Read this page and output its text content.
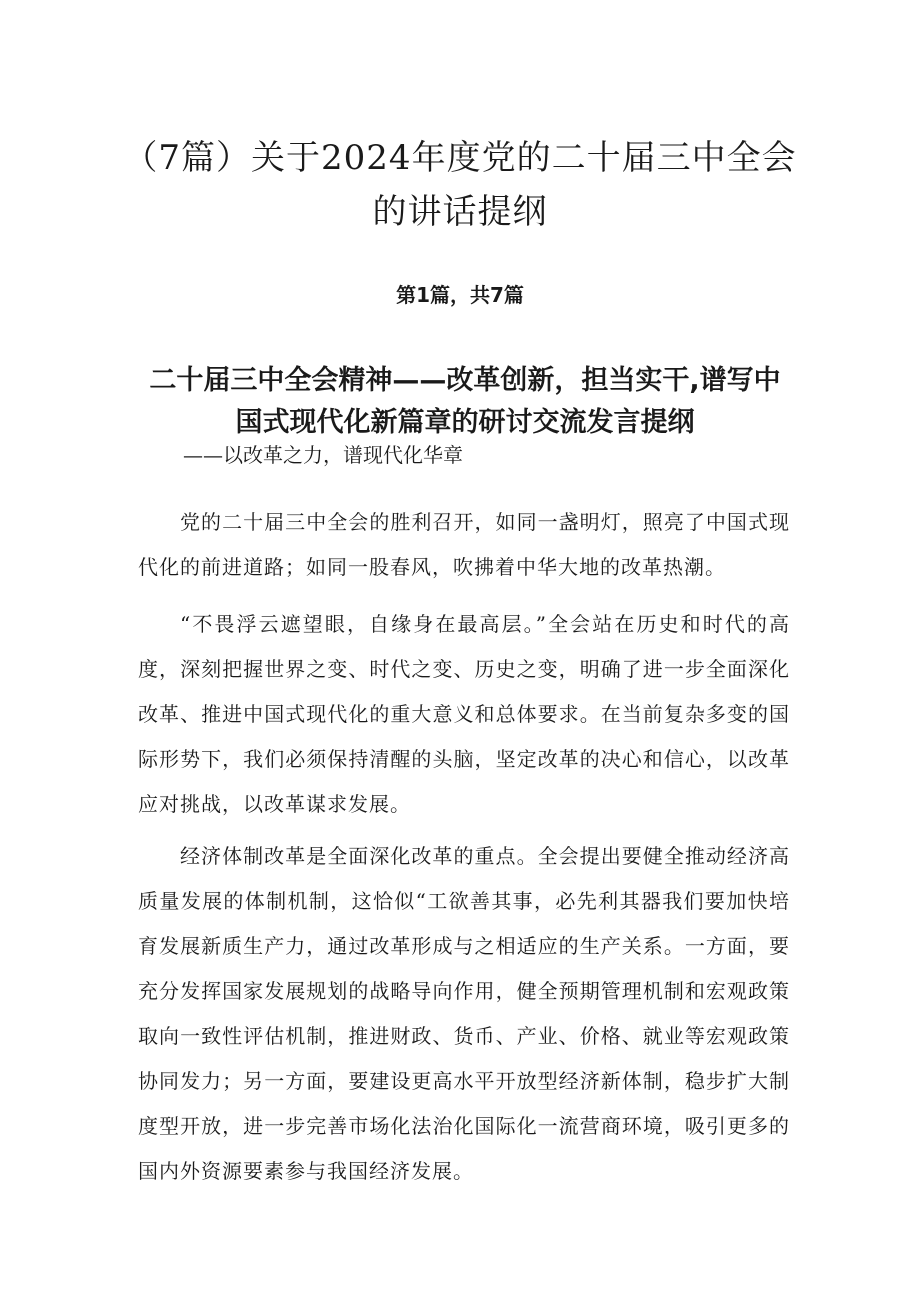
（7篇）关于2024年度党的二十届三中全会的讲话提纲
第1篇，共7篇
二十届三中全会精神——改革创新，担当实干,谱写中国式现代化新篇章的研讨交流发言提纲
——以改革之力，谱现代化华章

党的二十届三中全会的胜利召开，如同一盏明灯，照亮了中国式现代化的前进道路；如同一股春风，吹拂着中华大地的改革热潮。

“不畏浮云遮望眼，自缘身在最高层。”全会站在历史和时代的高度，深刻把握世界之变、时代之变、历史之变，明确了进一步全面深化改革、推进中国式现代化的重大意义和总体要求。在当前复杂多变的国际形势下，我们必须保持清醒的头脑，坚定改革的决心和信心，以改革应对挑战，以改革谋求发展。

经济体制改革是全面深化改革的重点。全会提出要健全推动经济高质量发展的体制机制，这恰似“工欲善其事，必先利其器我们要加快培育发展新质生产力，通过改革形成与之相适应的生产关系。一方面，要充分发挥国家发展规划的战略导向作用，健全预期管理机制和宏观政策取向一致性评估机制，推进财政、货币、产业、价格、就业等宏观政策协同发力；另一方面，要建设更高水平开放型经济新体制，稳步扩大制度型开放，进一步完善市场化法治化国际化一流营商环境，吸引更多的国内外资源要素参与我国经济发展。
